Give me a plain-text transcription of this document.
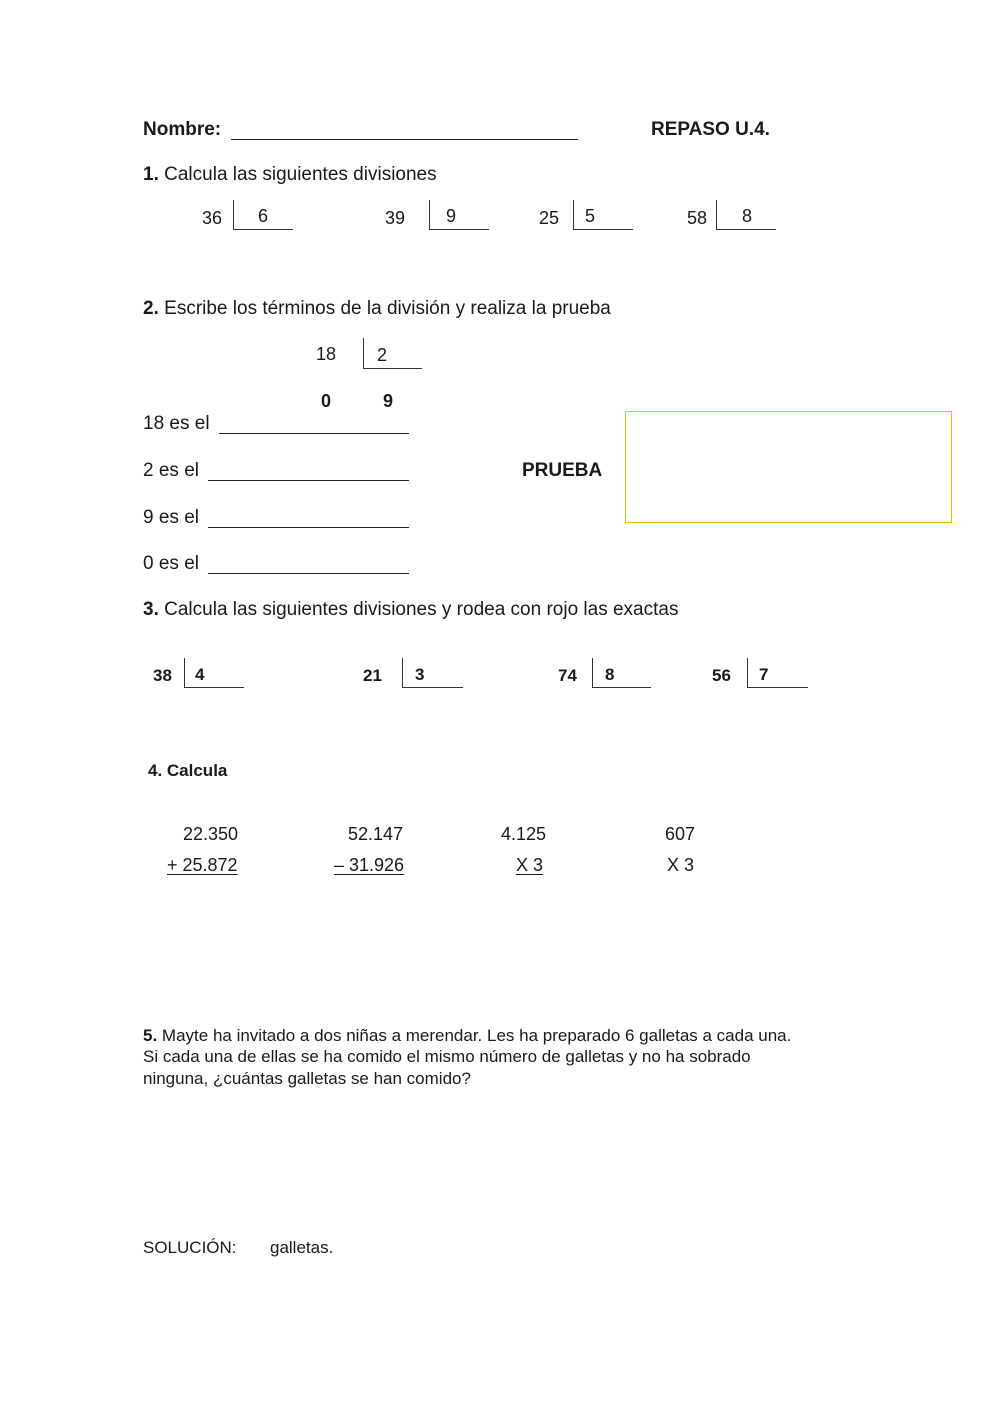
Nombre:	REPASO U.4.
1. Calcula las siguientes divisiones
36 6	39 9	25 5	58 8
2. Escribe los términos de la división y realiza la prueba
18 2
0	9
18 es el
2 es el
9 es el
0 es el
PRUEBA
3. Calcula las siguientes divisiones y rodea con rojo las exactas
38 4	21 3	74 8	56 7
4. Calcula
22.350
+ 25.872
52.147
– 31.926
4.125
X 3
607
X 3
5. Mayte ha invitado a dos niñas a merendar. Les ha preparado 6 galletas a cada una.
Si cada una de ellas se ha comido el mismo número de galletas y no ha sobrado
ninguna, ¿cuántas galletas se han comido?
SOLUCIÓN: galletas.
